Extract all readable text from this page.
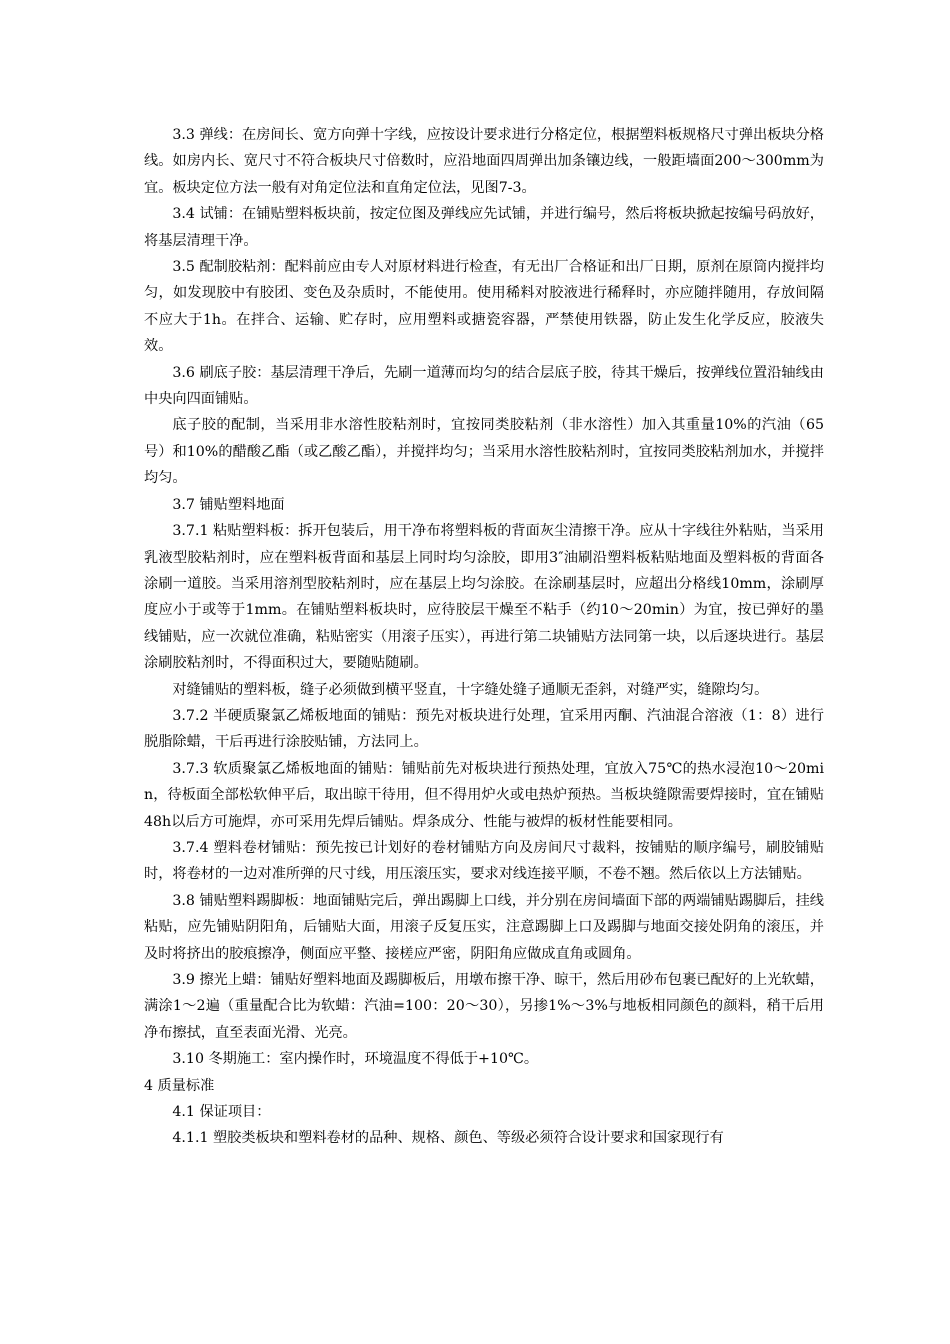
3.3 弹线：在房间长、宽方向弹十字线，应按设计要求进行分格定位，根据塑料板规格尺寸弹出板块分格线。如房内长、宽尺寸不符合板块尺寸倍数时，应沿地面四周弹出加条镶边线，一般距墙面200～300mm为宜。板块定位方法一般有对角定位法和直角定位法，见图7-3。

3.4 试铺：在铺贴塑料板块前，按定位图及弹线应先试铺，并进行编号，然后将板块掀起按编号码放好，将基层清理干净。

3.5 配制胶粘剂：配料前应由专人对原材料进行检查，有无出厂合格证和出厂日期，原剂在原筒内搅拌均匀，如发现胶中有胶团、变色及杂质时，不能使用。使用稀料对胶液进行稀释时，亦应随拌随用，存放间隔不应大于1h。在拌合、运输、贮存时，应用塑料或搪瓷容器，严禁使用铁器，防止发生化学反应，胶液失效。

3.6 刷底子胶：基层清理干净后，先刷一道薄而均匀的结合层底子胶，待其干燥后，按弹线位置沿轴线由中央向四面铺贴。

底子胶的配制，当采用非水溶性胶粘剂时，宜按同类胶粘剂（非水溶性）加入其重量10%的汽油（65号）和10%的醋酸乙酯（或乙酸乙酯），并搅拌均匀；当采用水溶性胶粘剂时，宜按同类胶粘剂加水，并搅拌均匀。

3.7 铺贴塑料地面

3.7.1 粘贴塑料板：拆开包装后，用干净布将塑料板的背面灰尘清擦干净。应从十字线往外粘贴，当采用乳液型胶粘剂时，应在塑料板背面和基层上同时均匀涂胶，即用3″油刷沿塑料板粘贴地面及塑料板的背面各涂刷一道胶。当采用溶剂型胶粘剂时，应在基层上均匀涂胶。在涂刷基层时，应超出分格线10mm，涂刷厚度应小于或等于1mm。在铺贴塑料板块时，应待胶层干燥至不粘手（约10～20min）为宜，按已弹好的墨线铺贴，应一次就位准确，粘贴密实（用滚子压实），再进行第二块铺贴方法同第一块，以后逐块进行。基层涂刷胶粘剂时，不得面积过大，要随贴随刷。

对缝铺贴的塑料板，缝子必须做到横平竖直，十字缝处缝子通顺无歪斜，对缝严实，缝隙均匀。

3.7.2 半硬质聚氯乙烯板地面的铺贴：预先对板块进行处理，宜采用丙酮、汽油混合溶液（1：8）进行脱脂除蜡，干后再进行涂胶贴铺，方法同上。

3.7.3 软质聚氯乙烯板地面的铺贴：铺贴前先对板块进行预热处理，宜放入75℃的热水浸泡10～20min，待板面全部松软伸平后，取出晾干待用，但不得用炉火或电热炉预热。当板块缝隙需要焊接时，宜在铺贴48h以后方可施焊，亦可采用先焊后铺贴。焊条成分、性能与被焊的板材性能要相同。

3.7.4 塑料卷材铺贴：预先按已计划好的卷材铺贴方向及房间尺寸裁料，按铺贴的顺序编号，刷胶铺贴时，将卷材的一边对准所弹的尺寸线，用压滚压实，要求对线连接平顺，不卷不翘。然后依以上方法铺贴。

3.8 铺贴塑料踢脚板：地面铺贴完后，弹出踢脚上口线，并分别在房间墙面下部的两端铺贴踢脚后，挂线粘贴，应先铺贴阴阳角，后铺贴大面，用滚子反复压实，注意踢脚上口及踢脚与地面交接处阴角的滚压，并及时将挤出的胶痕擦净，侧面应平整、接槎应严密，阴阳角应做成直角或圆角。

3.9 擦光上蜡：铺贴好塑料地面及踢脚板后，用墩布擦干净、晾干，然后用砂布包裹已配好的上光软蜡，满涂1～2遍（重量配合比为软蜡：汽油=100：20～30），另掺1%～3%与地板相同颜色的颜料，稍干后用净布擦拭，直至表面光滑、光亮。

3.10 冬期施工：室内操作时，环境温度不得低于+10℃。

4 质量标准

4.1 保证项目：

4.1.1 塑胶类板块和塑料卷材的品种、规格、颜色、等级必须符合设计要求和国家现行有
